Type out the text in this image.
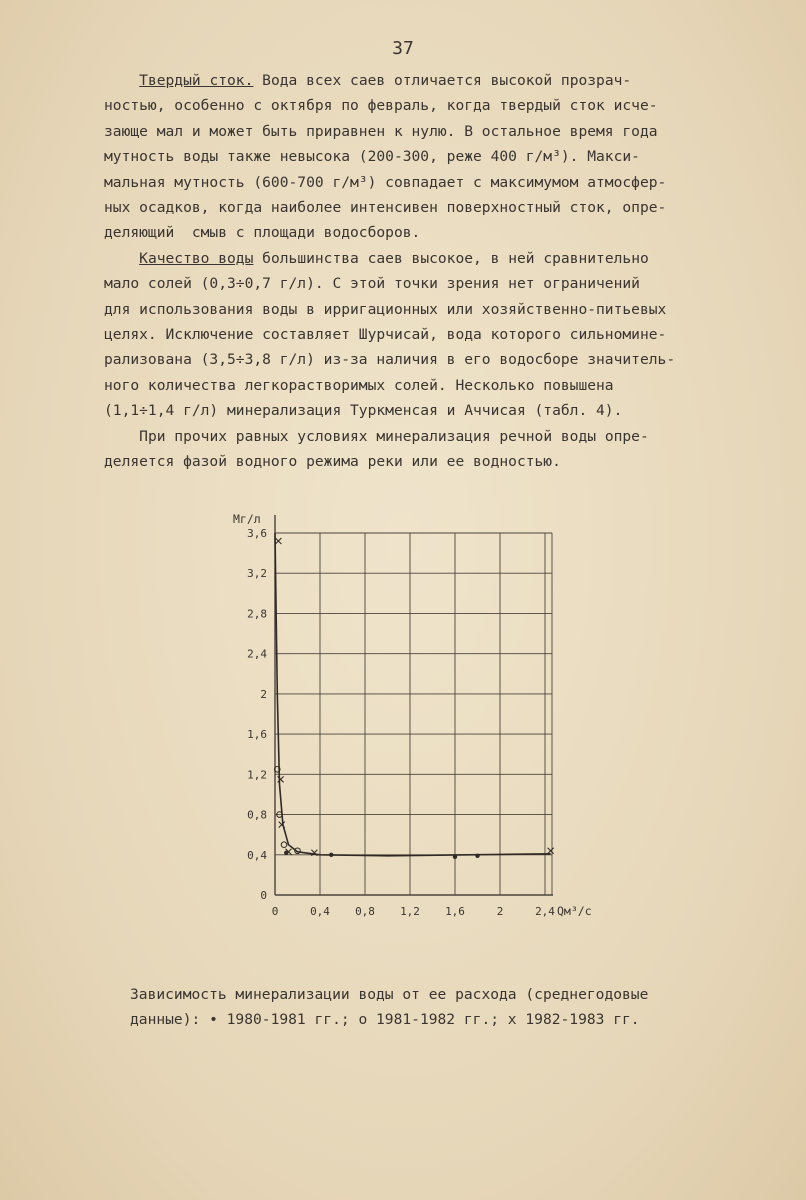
37

Твердый сток. Вода всех саев отличается высокой прозрач-
ностью, особенно с октября по февраль, когда твердый сток исче-
зающе мал и может быть приравнен к нулю. В остальное время года
мутность воды также невысока (200-300, реже 400 г/м³). Макси-
мальная мутность (600-700 г/м³) совпадает с максимумом атмосфер-
ных осадков, когда наиболее интенсивен поверхностный сток, опре-
деляющий  смыв с площади водосборов.

Качество воды большинства саев высокое, в ней сравнительно
мало солей (0,3÷0,7 г/л). С этой точки зрения нет ограничений
для использования воды в ирригационных или хозяйственно-питьевых
целях. Исключение составляет Шурчисай, вода которого сильномине-
рализована (3,5÷3,8 г/л) из-за наличия в его водосборе значитель-
ного количества легкорастворимых солей. Несколько повышена
(1,1÷1,4 г/л) минерализация Туркменсая и Аччисая (табл. 4).

При прочих равных условиях минерализация речной воды опре-
деляется фазой водного режима реки или ее водностью.

0	0,4 0,8 1,2 1,6	2	2,4
0
0,4
0,8
1,2
1,6
2
2,4
2,8
3,2
3,6
Мг/л
Qм³/с
Зависимость минерализации воды от ее расхода (среднегодовые
данные): • 1980-1981 гг.; о 1981-1982 гг.; х 1982-1983 гг.
